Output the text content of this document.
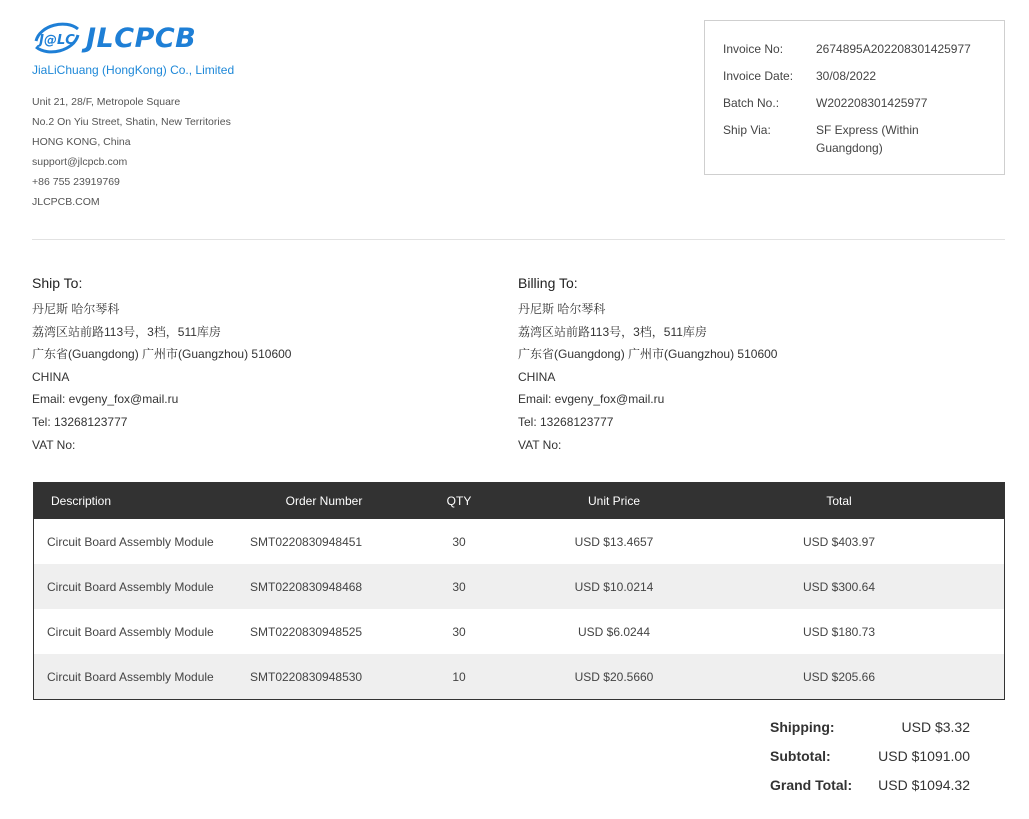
J@LC JLCPCB
JiaLiChuang (HongKong) Co., Limited
Unit 21, 28/F, Metropole Square
No.2 On Yiu Street, Shatin, New Territories
HONG KONG, China
support@jlcpcb.com
+86 755 23919769
JLCPCB.COM
Invoice No:	2674895A202208301425977
Invoice Date:	30/08/2022
Batch No.:	W202208301425977
Ship Via:	SF Express (Within Guangdong)
Ship To:
丹尼斯 哈尔琴科
荔湾区站前路113号，3档，511库房
广东省(Guangdong) 广州市(Guangzhou) 510600
CHINA
Email: evgeny_fox@mail.ru
Tel: 13268123777
VAT No:
Billing To:
丹尼斯 哈尔琴科
荔湾区站前路113号，3档，511库房
广东省(Guangdong) 广州市(Guangzhou) 510600
CHINA
Email: evgeny_fox@mail.ru
Tel: 13268123777
VAT No:
Description	Order Number	QTY	Unit Price	Total
Circuit Board Assembly Module	SMT0220830948451	30	USD $13.4657	USD $403.97
Circuit Board Assembly Module	SMT0220830948468	30	USD $10.0214	USD $300.64
Circuit Board Assembly Module	SMT0220830948525	30	USD $6.0244	USD $180.73
Circuit Board Assembly Module	SMT0220830948530	10	USD $20.5660	USD $205.66
Shipping:	USD $3.32
Subtotal:	USD $1091.00
Grand Total: USD $1094.32
